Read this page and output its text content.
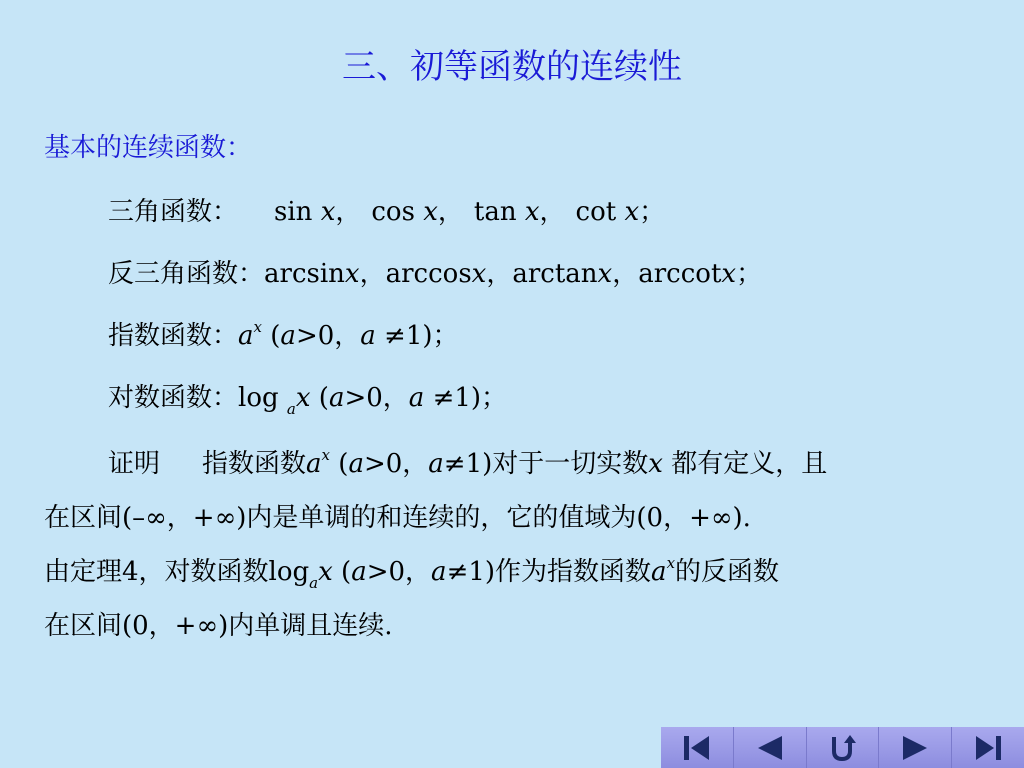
三、初等函数的连续性
基本的连续函数：
三角函数： sin x， cos x， tan x， cot x；
反三角函数：arcsinx，arccosx，arctanx，arccotx；
指数函数：$a^x$ (a>0，a ≠1)；
对数函数：log $_a$x (a>0，a ≠1)；
证明 指数函数$a^x$ (a>0，a≠1)对于一切实数x 都有定义，且
在区间(–∞，+∞)内是单调的和连续的，它的值域为(0，+∞).
由定理4，对数函数$\log_ax$ (a>0，a≠1)作为指数函数$a^x$的反函数
在区间(0，+∞)内单调且连续.
